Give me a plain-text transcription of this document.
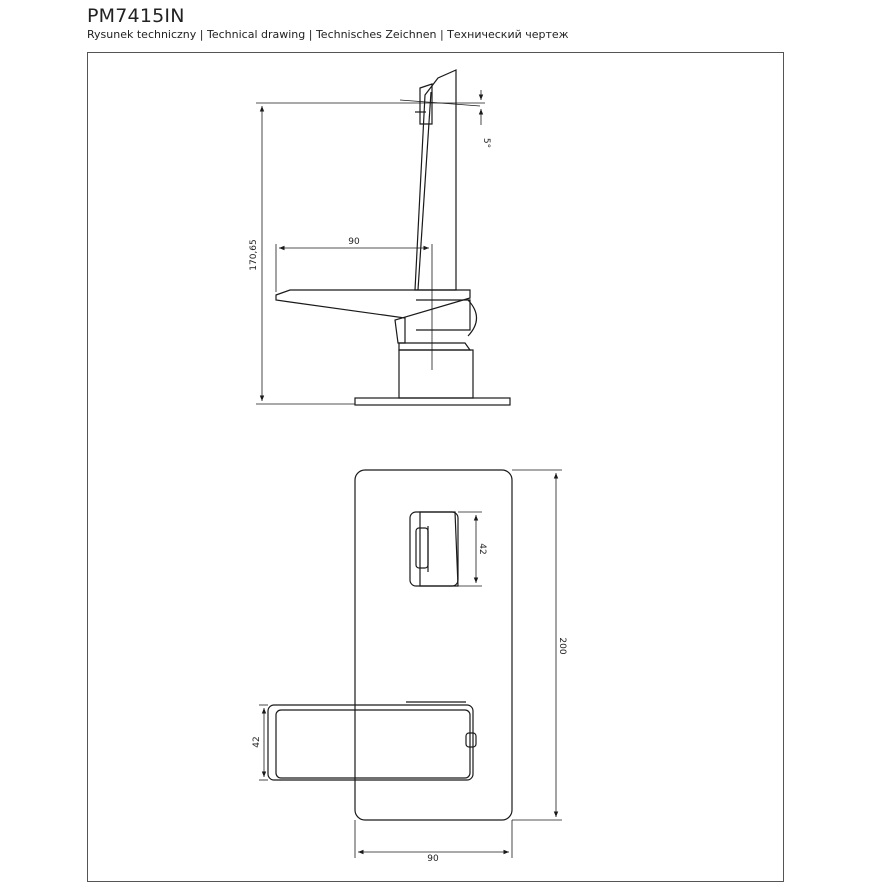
PM7415IN
Rysunek techniczny | Technical drawing | Technisches Zeichnen | Технический чертеж
170,65	90
5°
200
90
42
42
